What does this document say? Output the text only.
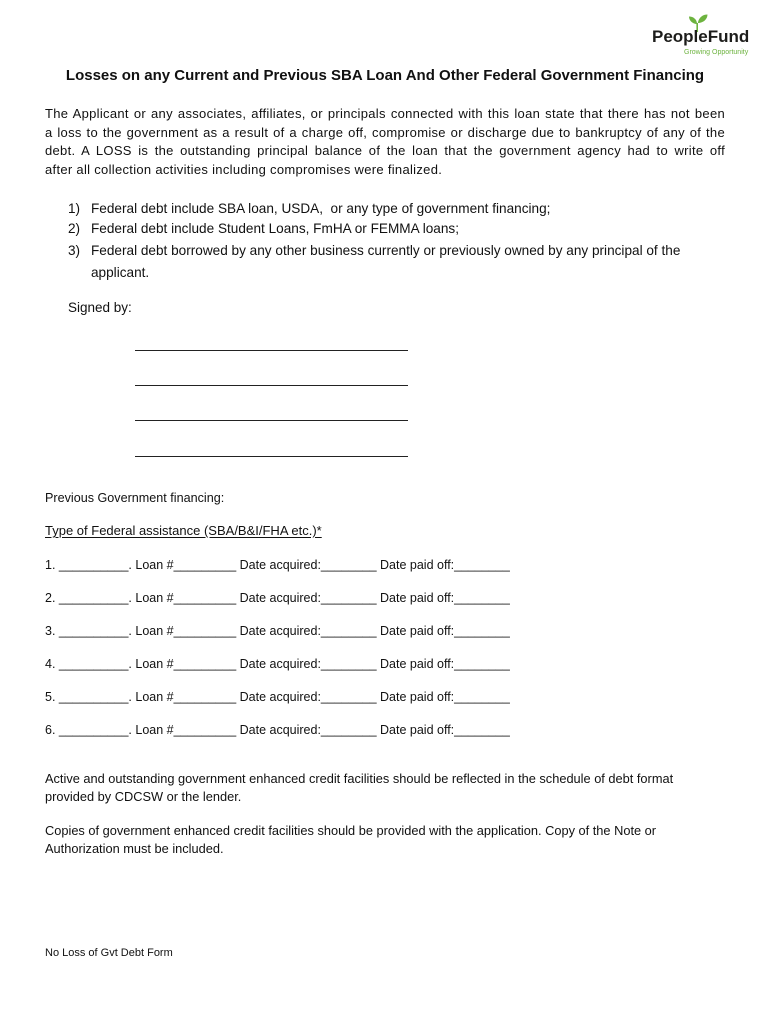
PeopleFund
Growing Opportunity
Losses on any Current and Previous SBA Loan And Other Federal Government Financing
The Applicant or any associates, affiliates, or principals connected with this loan state that there has not been
a loss to the government as a result of a charge off, compromise or discharge due to bankruptcy of any of the
debt. A LOSS is the outstanding principal balance of the loan that the government agency had to write off
after all collection activities including compromises were finalized.
1) Federal debt include SBA loan, USDA,  or any type of government financing;
2) Federal debt include Student Loans, FmHA or FEMMA loans;
3) Federal debt borrowed by any other business currently or previously owned by any principal of the
applicant.
Signed by:
Previous Government financing:
Type of Federal assistance (SBA/B&I/FHA etc.)*
1. __________. Loan #_________ Date acquired:________ Date paid off:________
2. __________. Loan #_________ Date acquired:________ Date paid off:________
3. __________. Loan #_________ Date acquired:________ Date paid off:________
4. __________. Loan #_________ Date acquired:________ Date paid off:________
5. __________. Loan #_________ Date acquired:________ Date paid off:________
6. __________. Loan #_________ Date acquired:________ Date paid off:________
Active and outstanding government enhanced credit facilities should be reflected in the schedule of debt format
provided by CDCSW or the lender.
Copies of government enhanced credit facilities should be provided with the application. Copy of the Note or
Authorization must be included.
No Loss of Gvt Debt Form
